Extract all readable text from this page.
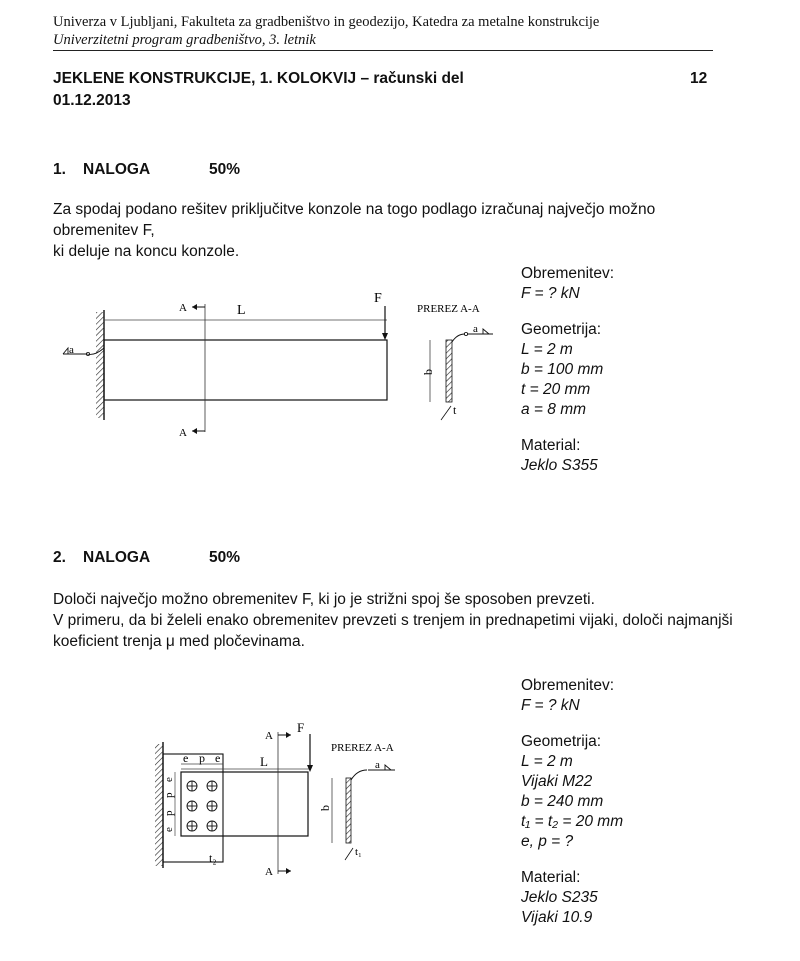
Univerza v Ljubljani, Fakulteta za gradbeništvo in geodezijo, Katedra za metalne konstrukcije
Univerzitetni program gradbeništvo, 3. letnik
JEKLENE KONSTRUKCIJE, 1. KOLOKVIJ – računski del	12
01.12.2013
1. NALOGA	50%
Za spodaj podano rešitev priključitve konzole na togo podlago izračunaj največjo možno obremenitev F,
ki deluje na koncu konzole.
Obremenitev:
F = ? kN
Geometrija:
L = 2 m
b = 100 mm
t = 20 mm
a = 8 mm
Material:
Jeklo S355
A
A
L
F
a
PREREZ A-A
b
a
t
2. NALOGA	50%
Določi največjo možno obremenitev F, ki jo je strižni spoj še sposoben prevzeti.
V primeru, da bi želeli enako obremenitev prevzeti s trenjem in prednapetimi vijaki, določi najmanjši
koeficient trenja μ med pločevinama.
Obremenitev:
F = ? kN
Geometrija:
L = 2 m
Vijaki M22
b = 240 mm
t₁ = t₂ = 20 mm
e, p = ?
Material:
Jeklo S235
Vijaki 10.9
e p e
e
p
p
e
t₂
L
A
A
F
PREREZ A-A
b
a
t₁
